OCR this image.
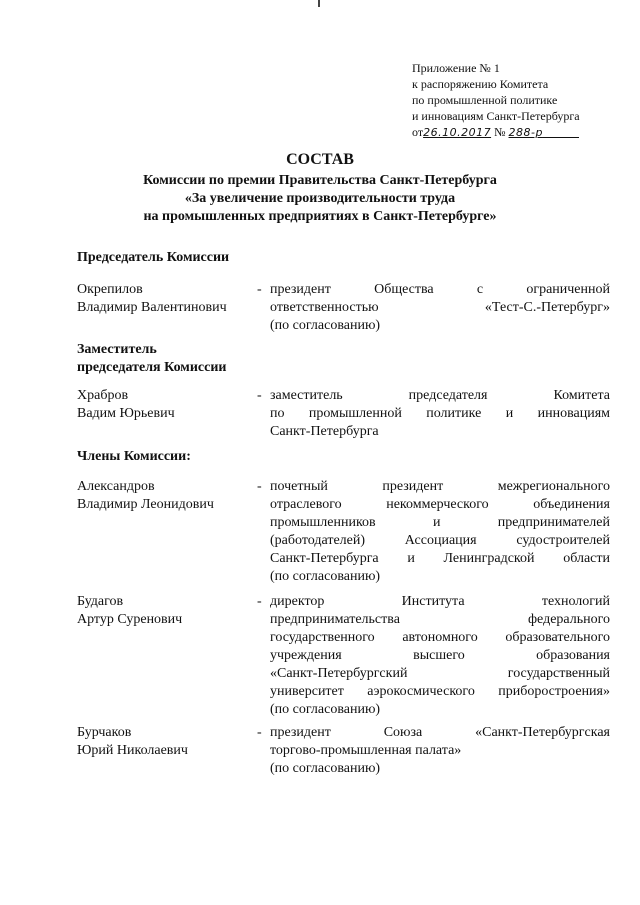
Приложение № 1
к распоряжению Комитета
по промышленной политике
и инновациям Санкт-Петербурга
от26.10.2017 № 288-р
СОСТАВ
Комиссии по премии Правительства Санкт-Петербурга
«За увеличение производительности труда
на промышленных предприятиях в Санкт-Петербурге»
Председатель Комиссии
Окрепилов
Владимир Валентинович
- президент Общества с ограниченной
ответственностью «Тест-С.-Петербург»
(по согласованию)
Заместитель
председателя Комиссии
Храбров
Вадим Юрьевич
- заместитель председателя Комитета
по промышленной политике и инновациям
Санкт-Петербурга
Члены Комиссии:
Александров
Владимир Леонидович
- почетный президент межрегионального
отраслевого некоммерческого объединения
промышленников и предпринимателей
(работодателей) Ассоциация судостроителей
Санкт-Петербурга и Ленинградской области
(по согласованию)
Будагов
Артур Суренович
- директор Института технологий
предпринимательства федерального
государственного автономного образовательного
учреждения высшего образования
«Санкт-Петербургский государственный
университет аэрокосмического приборостроения»
(по согласованию)
Бурчаков
Юрий Николаевич
- президент Союза «Санкт-Петербургская
торгово-промышленная палата»
(по согласованию)
